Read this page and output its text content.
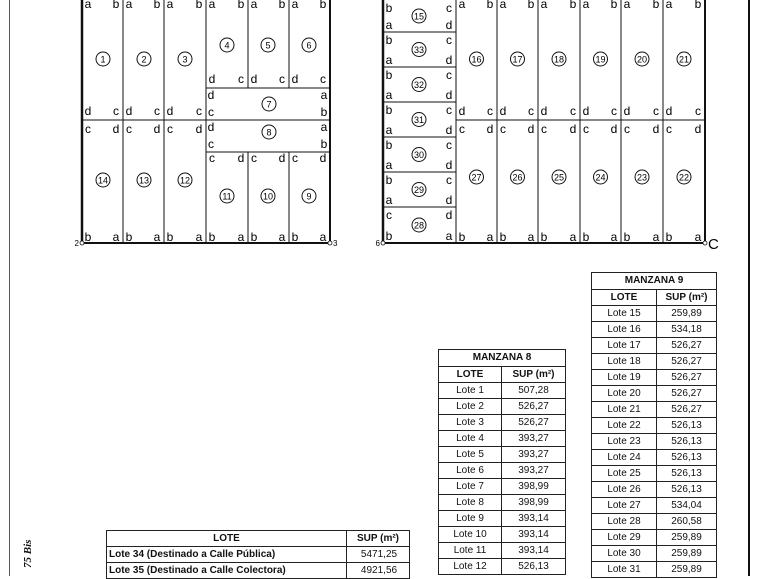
a b a b a b a b a b a b
d c d c d c
d c d c d c
c d c d c d
b a b a b a b a b a b a
c d c d c d
d
c
a
b
d
c
a
b
1	2	3
4	5	6
7
8
14	13	12
11	10	9
2	3
15
b
a
c
d
33
b
a
c
d
32
b
a
c
d
31
b
a
c
d
30
b
a
c
d
29
b
a
c
d
28
c
b
d
a
a b
d c
c d
b a
a b
d c
c d
b a
a b
d c
c d
b a
a b
d c
c d
b a
a b
d c
c d
b a
a b
d c
c d
b a
16	17	18	19	20	21
27	26	25	24	23	22
6	C
MANZANA 8	
LOTE	SUP (m²)
Lote 1	507,28
Lote 2	526,27
Lote 3	526,27
Lote 4	393,27
Lote 5	393,27
Lote 6	393,27
Lote 7	398,99
Lote 8	398,99
Lote 9	393,14
Lote 10	393,14
Lote 11	393,14
Lote 12	526,13
MANZANA 9	
LOTE	SUP (m²)
Lote 15	259,89
Lote 16	534,18
Lote 17	526,27
Lote 18	526,27
Lote 19	526,27
Lote 20	526,27
Lote 21	526,27
Lote 22	526,13
Lote 23	526,13
Lote 24	526,13
Lote 25	526,13
Lote 26	526,13
Lote 27	534,04
Lote 28	260,58
Lote 29	259,89
Lote 30	259,89
Lote 31	259,89
LOTE	SUP (m²)
Lote 34 (Destinado a Calle Pública)	5471,25
Lote 35 (Destinado a Calle Colectora)	4921,56
75 Bis
